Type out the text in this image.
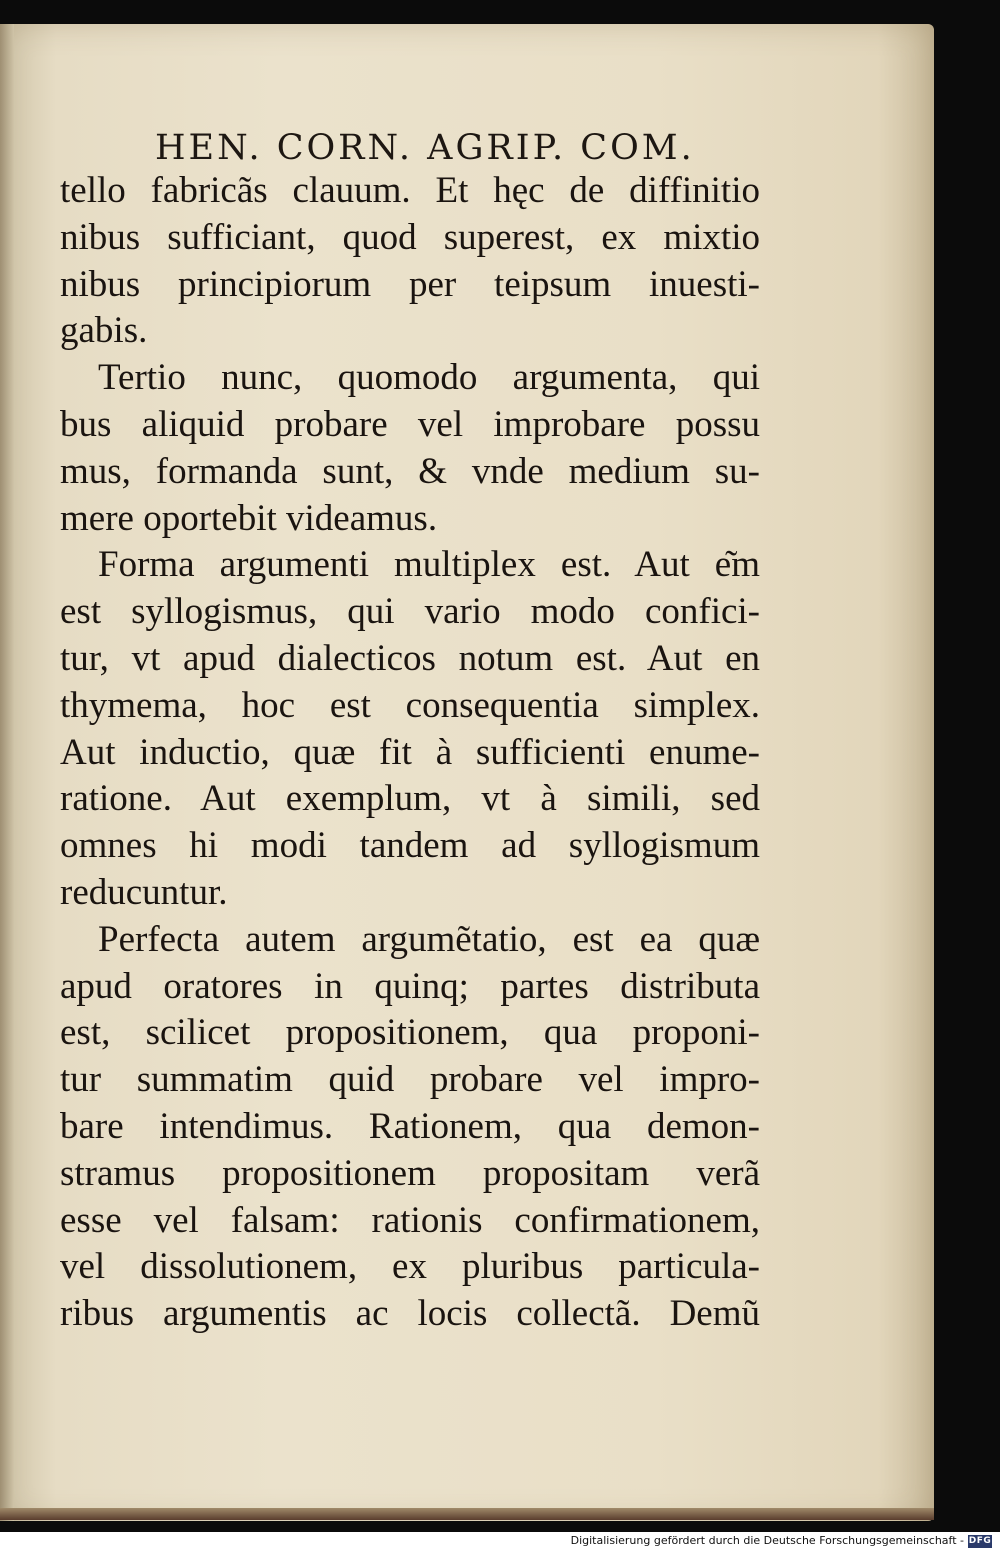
HEN. CORN. AGRIP. COM.
tello fabricãs clauum. Et hęc de diffinitio
nibus sufficiant, quod superest, ex mixtio
nibus principiorum per teipsum inuesti-
gabis.
Tertio nunc, quomodo argumenta, qui
bus aliquid probare vel improbare possu
mus, formanda sunt, & vnde medium su-
mere oportebit videamus.
Forma argumenti multiplex est. Aut e͂m
est syllogismus, qui vario modo confici-
tur, vt apud dialecticos notum est. Aut en
thymema, hoc est consequentia simplex.
Aut inductio, quæ fit à sufficienti enume-
ratione. Aut exemplum, vt à simili, sed
omnes hi modi tandem ad syllogismum
reducuntur.
Perfecta autem argumẽtatio, est ea quæ
apud oratores in quinq; partes distributa
est, scilicet propositionem, qua proponi-
tur summatim quid probare vel impro-
bare intendimus. Rationem, qua demon-
stramus propositionem propositam verã
esse vel falsam: rationis confirmationem,
vel dissolutionem, ex pluribus particula-
ribus argumentis ac locis collectã. Demũ
Digitalisierung gefördert durch die Deutsche Forschungsgemeinschaft - DFG
